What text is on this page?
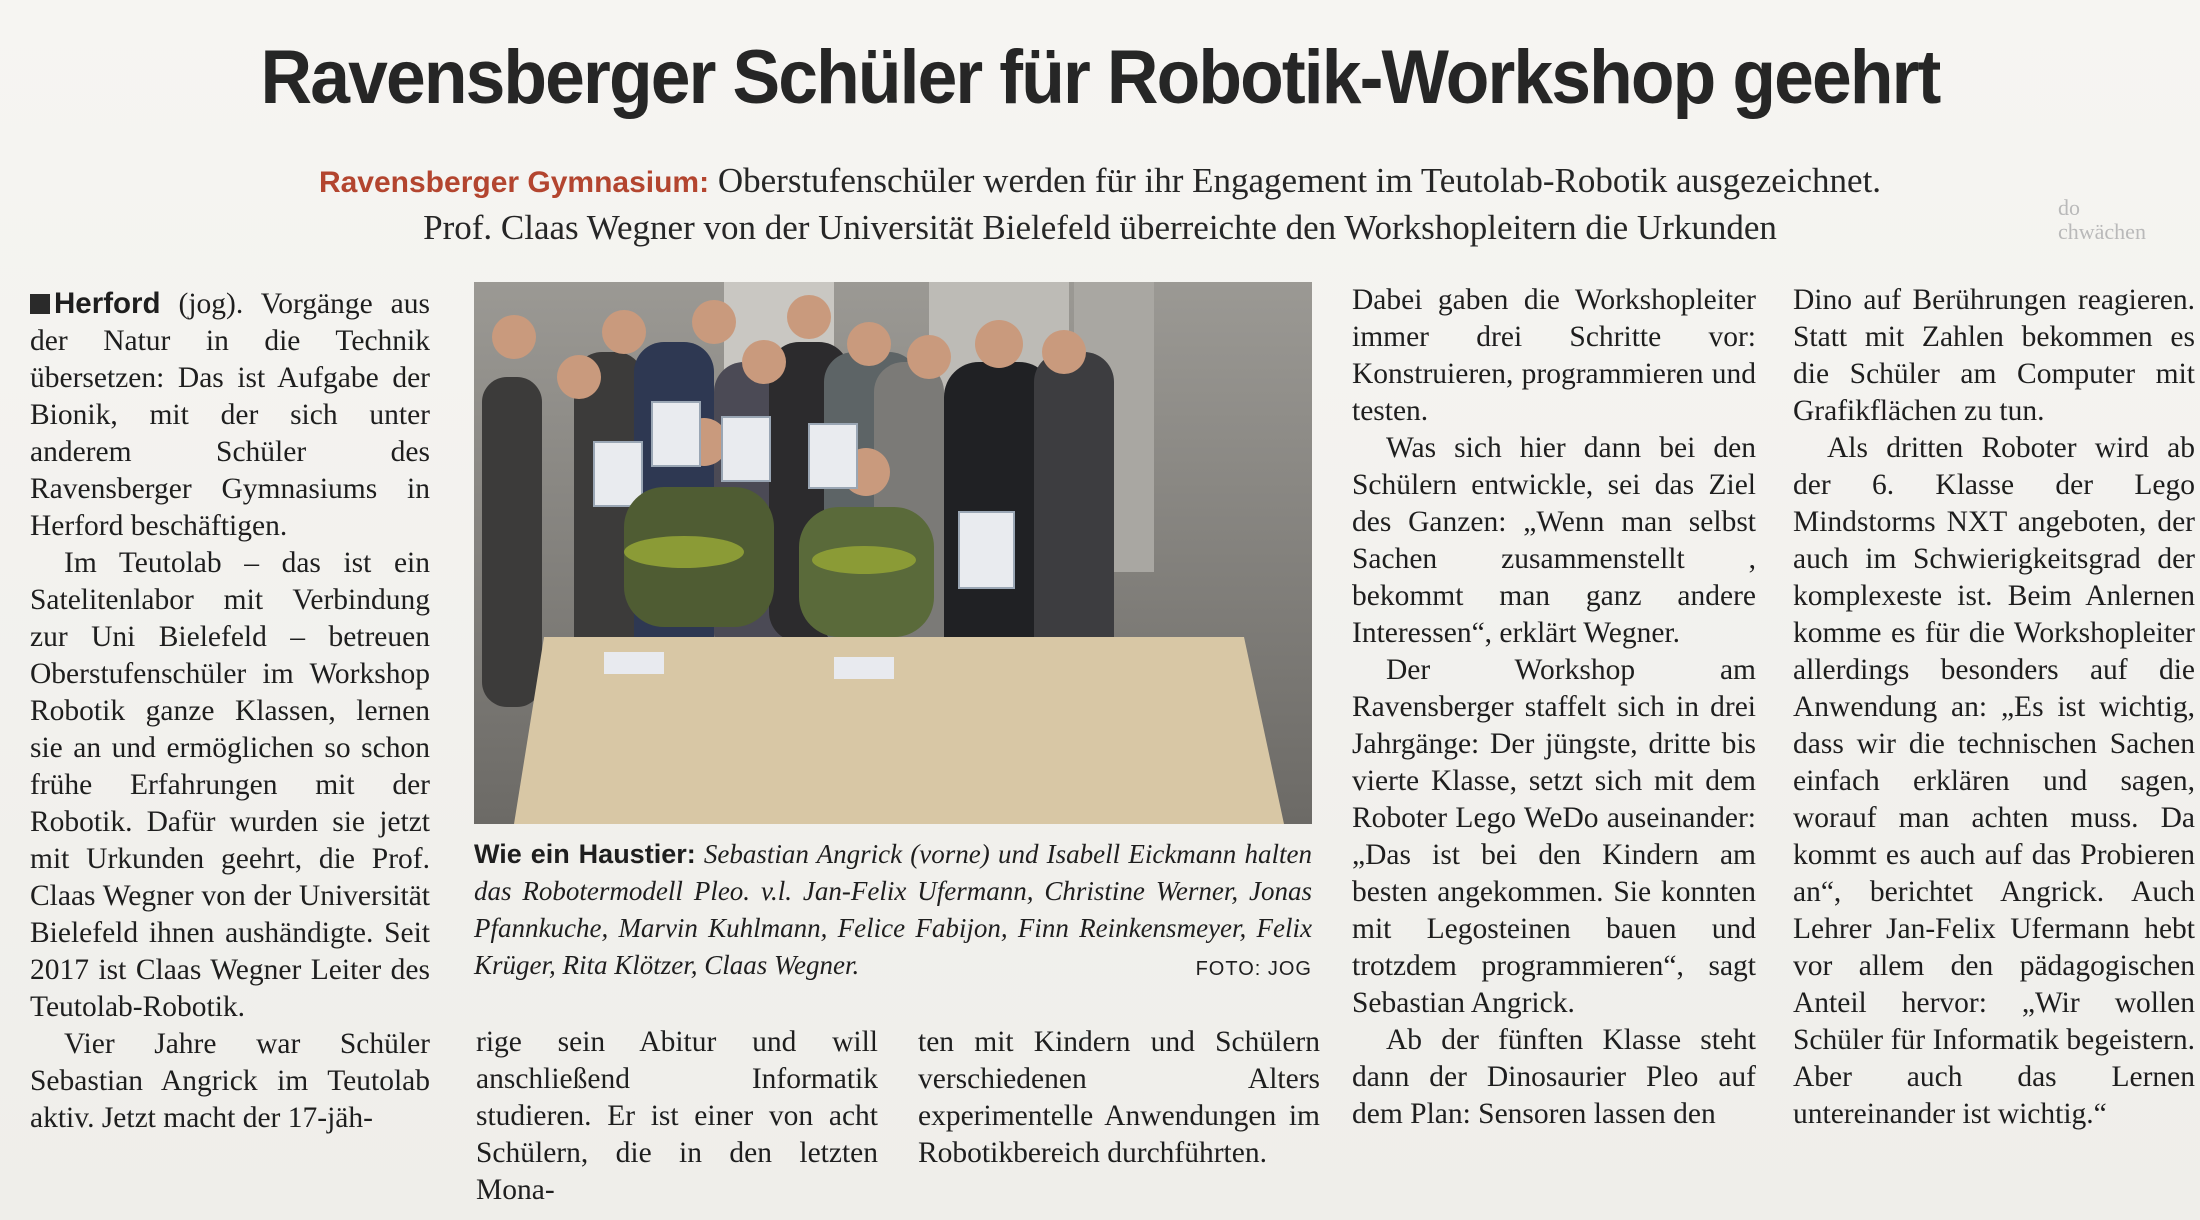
Ravensberger Schüler für Robotik-Workshop geehrt
Ravensberger Gymnasium: Oberstufenschüler werden für ihr Engagement im Teutolab-Robotik ausgezeichnet.
Prof. Claas Wegner von der Universität Bielefeld überreichte den Workshopleitern die Urkunden
do
chwächen

Herford (jog). Vorgänge aus der Natur in die Technik übersetzen: Das ist Aufgabe der Bionik, mit der sich unter anderem Schüler des Ravensberger Gymnasiums in Herford beschäftigen.

Im Teutolab – das ist ein Satelitenlabor mit Verbindung zur Uni Bielefeld – betreuen Oberstufenschüler im Workshop Robotik ganze Klassen, lernen sie an und ermöglichen so schon frühe Erfahrungen mit der Robotik. Dafür wurden sie jetzt mit Urkunden geehrt, die Prof. Claas Wegner von der Universität Bielefeld ihnen aushändigte. Seit 2017 ist Claas Wegner Leiter des Teutolab-Robotik.

Vier Jahre war Schüler Sebastian Angrick im Teutolab aktiv. Jetzt macht der 17-jäh-

Wie ein Haustier: Sebastian Angrick (vorne) und Isabell Eickmann halten das Robotermodell Pleo. v.l. Jan-Felix Ufermann, Christine Werner, Jonas Pfannkuche, Marvin Kuhlmann, Felice Fabijon, Finn Reinkensmeyer, Felix Krüger, Rita Klötzer, Claas Wegner.	FOTO: JOG

rige sein Abitur und will anschließend Informatik studieren. Er ist einer von acht Schülern, die in den letzten Mona-

ten mit Kindern und Schülern verschiedenen Alters experimentelle Anwendungen im Robotikbereich durchführten.

Dabei gaben die Workshopleiter immer drei Schritte vor: Konstruieren, programmieren und testen.

Was sich hier dann bei den Schülern entwickle, sei das Ziel des Ganzen: „Wenn man selbst Sachen zusammenstellt , bekommt man ganz andere Interessen“, erklärt Wegner.

Der Workshop am Ravensberger staffelt sich in drei Jahrgänge: Der jüngste, dritte bis vierte Klasse, setzt sich mit dem Roboter Lego WeDo auseinander: „Das ist bei den Kindern am besten angekommen. Sie konnten mit Legosteinen bauen und trotzdem programmieren“, sagt Sebastian Angrick.

Ab der fünften Klasse steht dann der Dinosaurier Pleo auf dem Plan: Sensoren lassen den

Dino auf Berührungen reagieren. Statt mit Zahlen bekommen es die Schüler am Computer mit Grafikflächen zu tun.

Als dritten Roboter wird ab der 6. Klasse der Lego Mindstorms NXT angeboten, der auch im Schwierigkeitsgrad der komplexeste ist. Beim Anlernen komme es für die Workshopleiter allerdings besonders auf die Anwendung an: „Es ist wichtig, dass wir die technischen Sachen einfach erklären und sagen, worauf man achten muss. Da kommt es auch auf das Probieren an“, berichtet Angrick. Auch Lehrer Jan-Felix Ufermann hebt vor allem den pädagogischen Anteil hervor: „Wir wollen Schüler für Informatik begeistern. Aber auch das Lernen untereinander ist wichtig.“
